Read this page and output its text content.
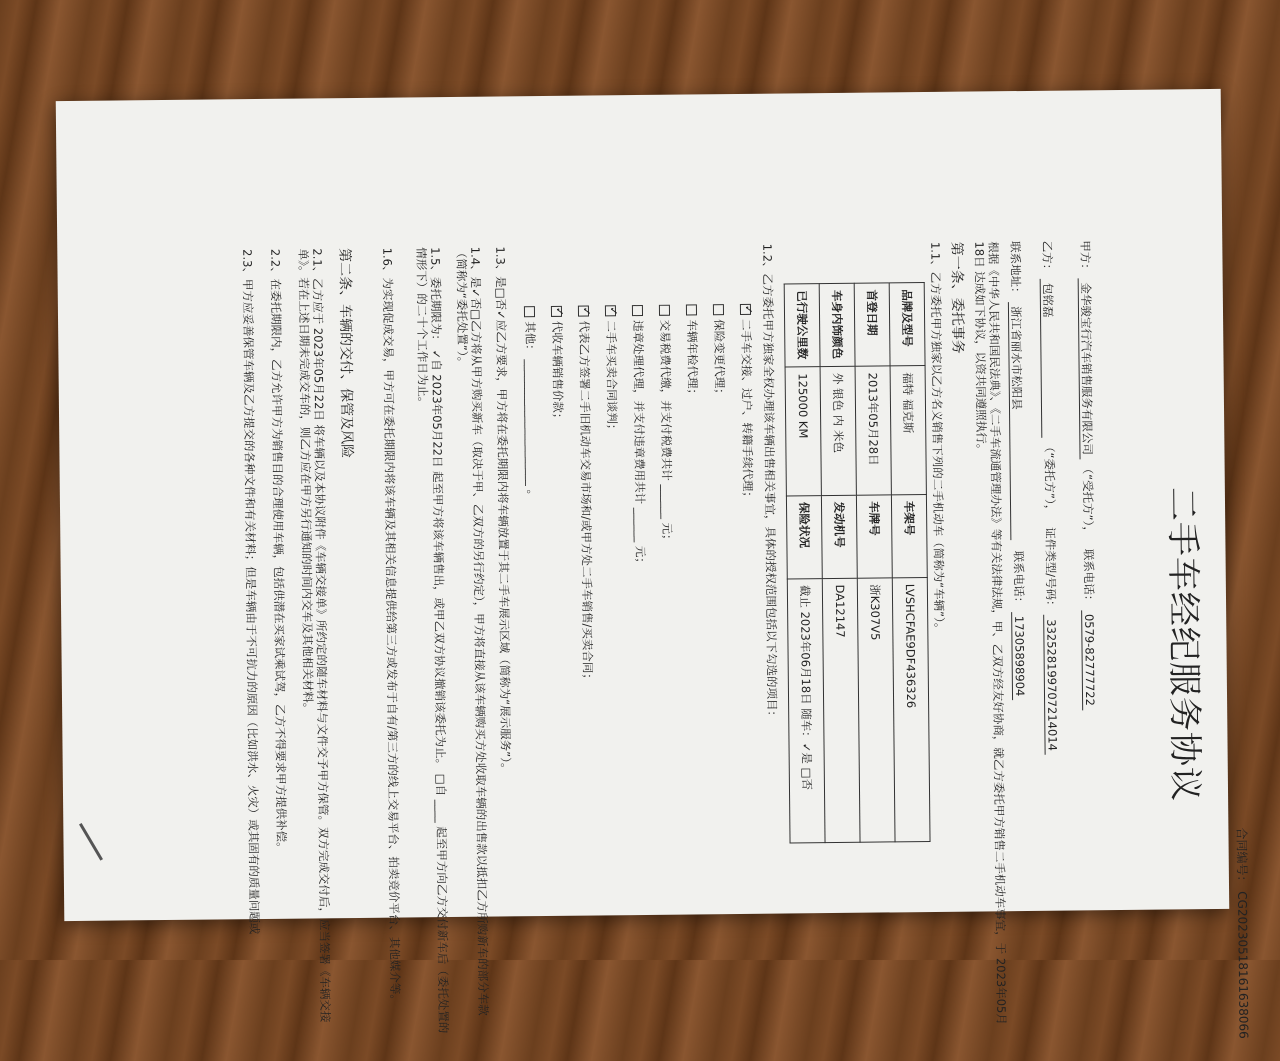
合同编号： CG20230518161638066
二手车经纪服务协议
甲方： 金华骏宝行汽车销售服务有限公司 （“受托方”），   联系电话： 0579-82777722
乙方： 包铭磊 （“委托方”），   证件类型/号码： 332528199707214014
联系地址： 浙江省丽水市松阳县   联系电话： 17305898904
根据《中华人民共和国民法典》、《二手车流通管理办法》等有关法律法规，甲、乙双方经友好协商，就乙方委托甲方销售二手机动车事宜，于 2023年05月18日 达成如下协议，以资共同遵照执行。
第一条、委托事务
1.1、乙方委托甲方独家以乙方名义销售下列的二手机动车（简称为“车辆”）。
品牌及型号	福特 福克斯	车架号	LVSHCFAE9DF436326
首登日期	2013年05月28日	车牌号	浙K307V5
车身内饰颜色	外 银色 内 米色	发动机号	DA12147
已行驶公里数	125000 KM	保险状况	截止 2023年06月18日 随车：✓是 □否
1.2、乙方委托甲方独家全权办理该车辆出售相关事宜，具体的授权范围包括以下勾选的项目：
✓二手车交接、过户、转籍手续代理；
保险变更代理；
车辆年检代理；
交易税费代缴，并支付税费共计 ______ 元；
违章处理代理，并支付违章费用共计 ______ 元；
✓二手车买卖合同谈判；
✓代表乙方签署二手旧机动车交易市场和/或甲方处二手车销售/买卖合同；
✓代收车辆销售价款；
其他： ______________________ 。
1.3、是□否✓应乙方要求，甲方将在委托期限内将车辆放置于其二手车展示区域（简称为“展示服务”）。
1.4、是✓否□乙方将从甲方购买新车（取决于甲、乙双方的另行约定），甲方将直接从该车辆购买方处收取车辆的出售款以抵扣乙方所购新车的部分车款（简称为“委托处置”）。
1.5、委托期限为： ✓自 2023年05月22日 起至甲方将该车辆售出，或甲乙双方协议撤销该委托为止。 □自 ____ 起至甲方向乙方交付新车后（委托处置的情形下）的二十个工作日为止。
1.6、为实现促成交易，甲方可在委托期限内将该车辆及其相关信息提供给第三方或发布于自有/第三方的线上交易平台、拍卖竞价平台、其他媒介等。
第二条、车辆的交付、保管及风险
2.1、乙方应于 2023年05月22日 将车辆以及本协议附件《车辆交接单》所约定的随车材料与文件交予甲方保管。双方完成交付后，应当签署《车辆交接单》。若在上述日期未完成交车的，则乙方应在甲方另行通知的时间内交车及其他相关材料。
2.2、在委托期限内，乙方允许甲方为销售目的合理使用车辆，包括供潜在买家试乘试驾，乙方不得要求甲方提供补偿。
2.3、甲方应妥善保管车辆及乙方提交的各种文件和有关材料；但是车辆由于不可抗力的原因（比如洪水、火灾）或其固有的质量问题或
